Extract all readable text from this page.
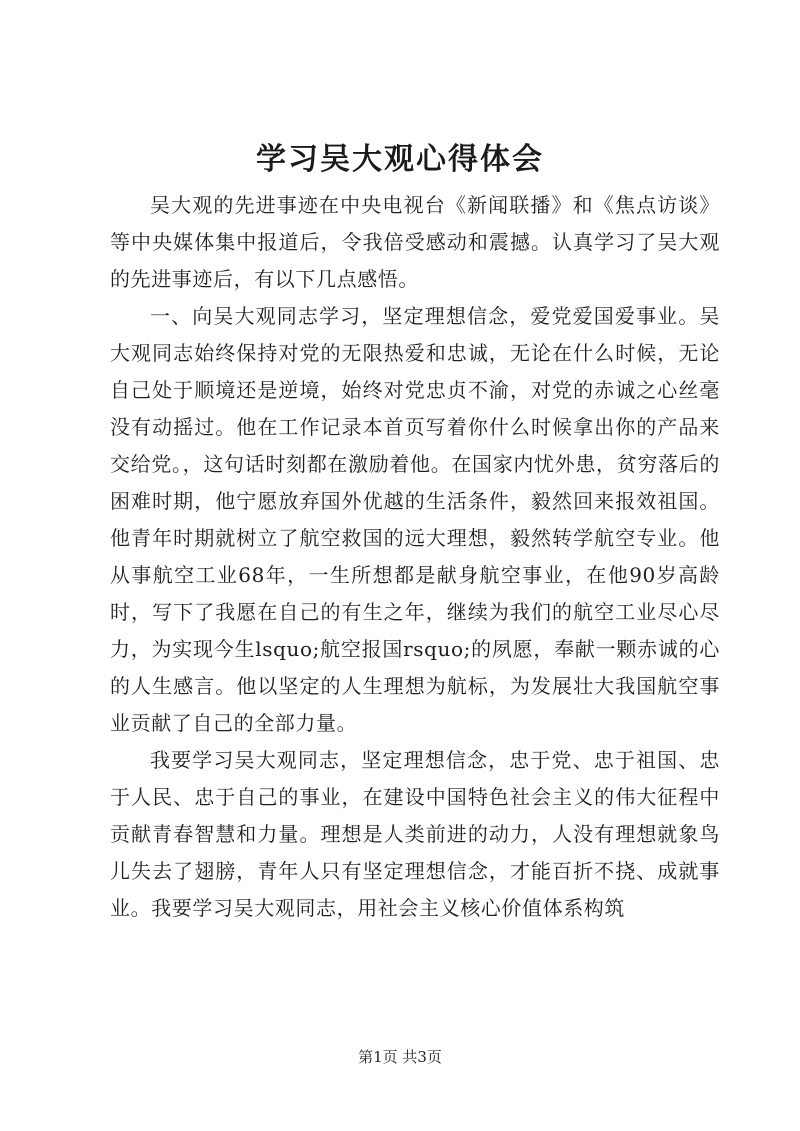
学习吴大观心得体会

吴大观的先进事迹在中央电视台《新闻联播》和《焦点访谈》等中央媒体集中报道后，令我倍受感动和震撼。认真学习了吴大观的先进事迹后，有以下几点感悟。

一、向吴大观同志学习，坚定理想信念，爱党爱国爱事业。吴大观同志始终保持对党的无限热爱和忠诚，无论在什么时候，无论自己处于顺境还是逆境，始终对党忠贞不渝，对党的赤诚之心丝毫没有动摇过。他在工作记录本首页写着你什么时候拿出你的产品来交给党。，这句话时刻都在激励着他。在国家内忧外患，贫穷落后的困难时期，他宁愿放弃国外优越的生活条件，毅然回来报效祖国。他青年时期就树立了航空救国的远大理想，毅然转学航空专业。他从事航空工业68年，一生所想都是献身航空事业，在他90岁高龄时，写下了我愿在自己的有生之年，继续为我们的航空工业尽心尽力，为实现今生lsquo;航空报国rsquo;的夙愿，奉献一颗赤诚的心的人生感言。他以坚定的人生理想为航标，为发展壮大我国航空事业贡献了自己的全部力量。

我要学习吴大观同志，坚定理想信念，忠于党、忠于祖国、忠于人民、忠于自己的事业，在建设中国特色社会主义的伟大征程中贡献青春智慧和力量。理想是人类前进的动力，人没有理想就象鸟儿失去了翅膀，青年人只有坚定理想信念，才能百折不挠、成就事业。我要学习吴大观同志，用社会主义核心价值体系构筑

第1页 共3页
